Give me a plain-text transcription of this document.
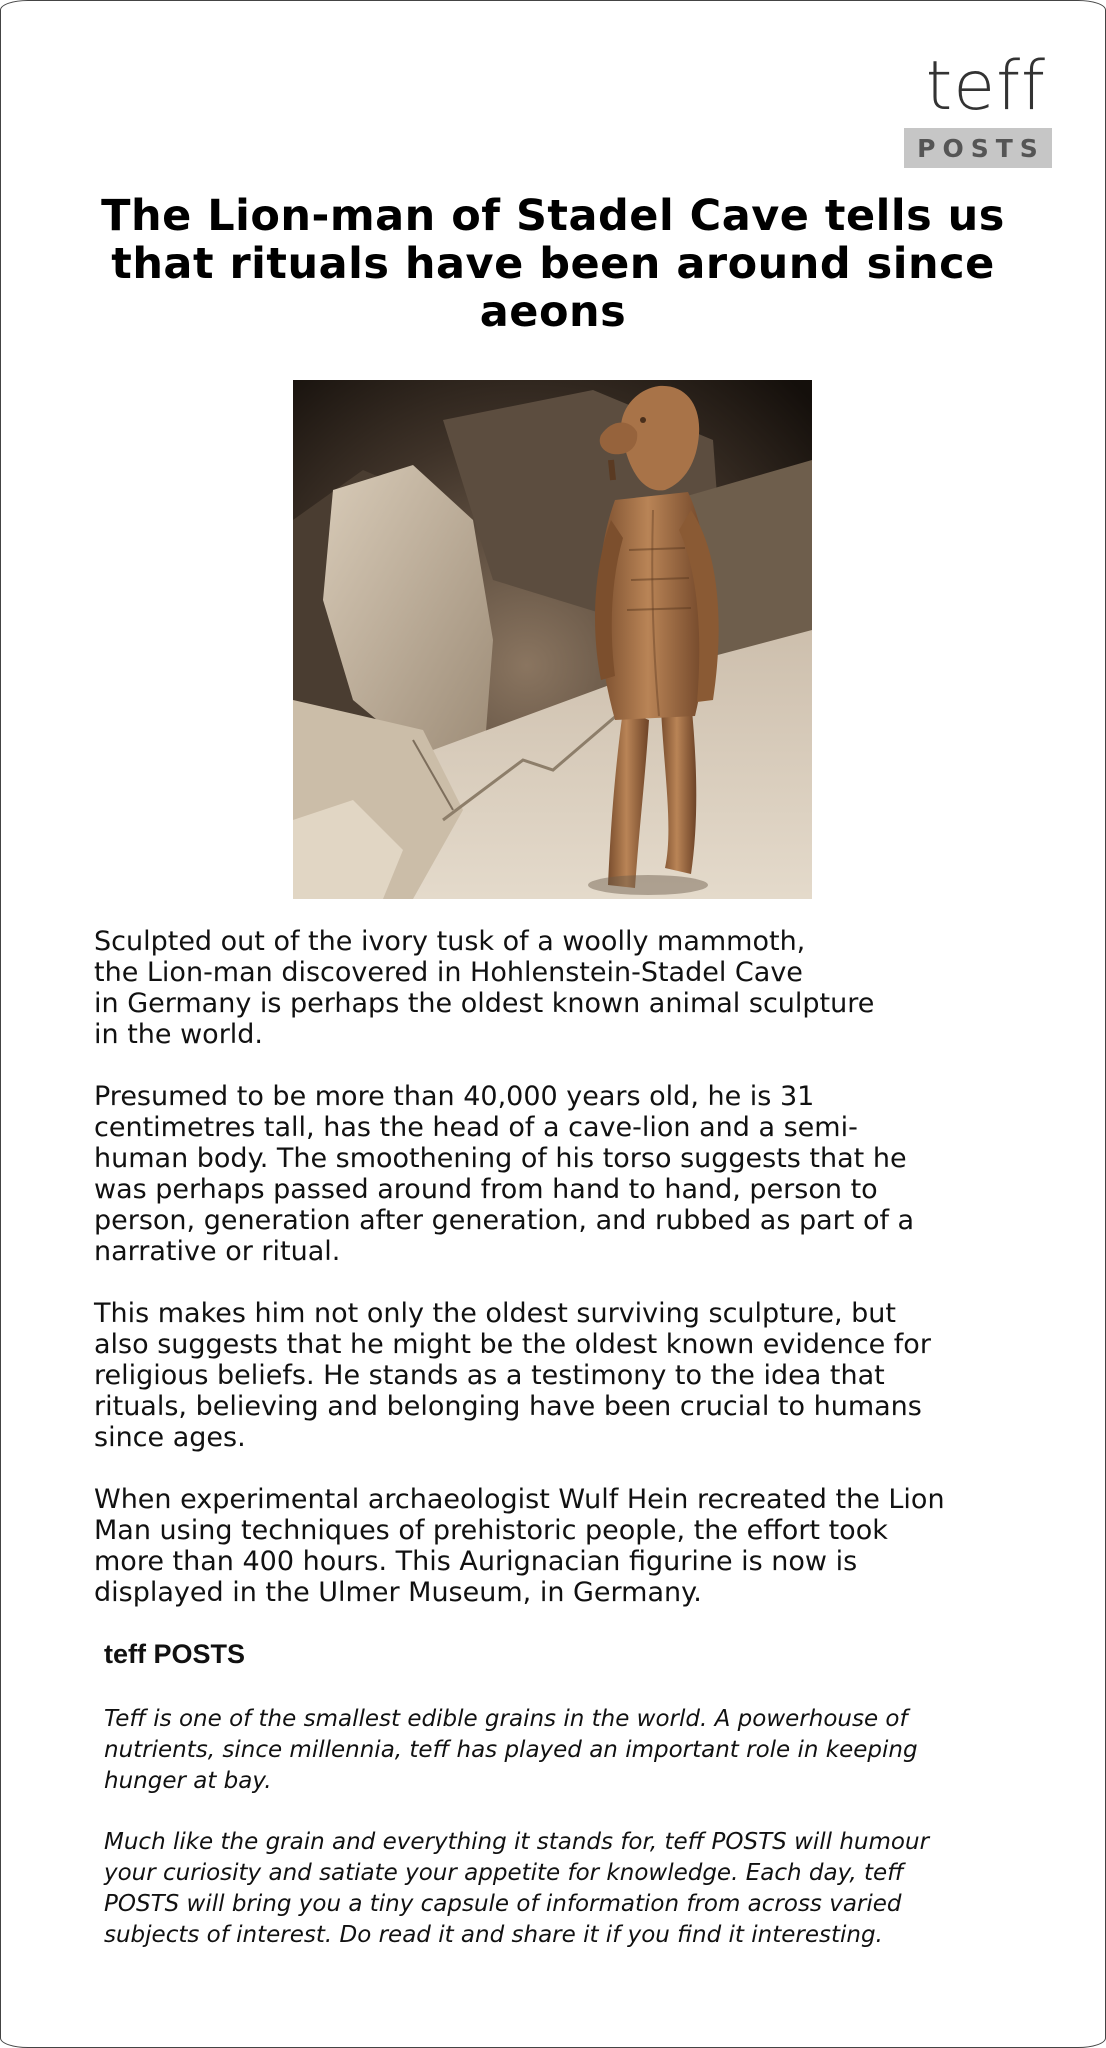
teff
POSTS
The Lion-man of Stadel Cave tells us that rituals have been around since aeons

Sculpted out of the ivory tusk of a woolly mammoth,
the Lion-man discovered in Hohlenstein-Stadel Cave
in Germany is perhaps the oldest known animal sculpture
in the world.

Presumed to be more than 40,000 years old, he is 31
centimetres tall, has the head of a cave-lion and a semi-
human body. The smoothening of his torso suggests that he
was perhaps passed around from hand to hand, person to
person, generation after generation, and rubbed as part of a
narrative or ritual.

This makes him not only the oldest surviving sculpture, but
also suggests that he might be the oldest known evidence for
religious beliefs. He stands as a testimony to the idea that
rituals, believing and belonging have been crucial to humans
since ages.

When experimental archaeologist Wulf Hein recreated the Lion
Man using techniques of prehistoric people, the effort took
more than 400 hours. This Aurignacian figurine is now is
displayed in the Ulmer Museum, in Germany.

teff POSTS

Teff is one of the smallest edible grains in the world. A powerhouse of
nutrients, since millennia, teff has played an important role in keeping
hunger at bay.

Much like the grain and everything it stands for, teff POSTS will humour
your curiosity and satiate your appetite for knowledge. Each day, teff
POSTS will bring you a tiny capsule of information from across varied
subjects of interest. Do read it and share it if you find it interesting.
